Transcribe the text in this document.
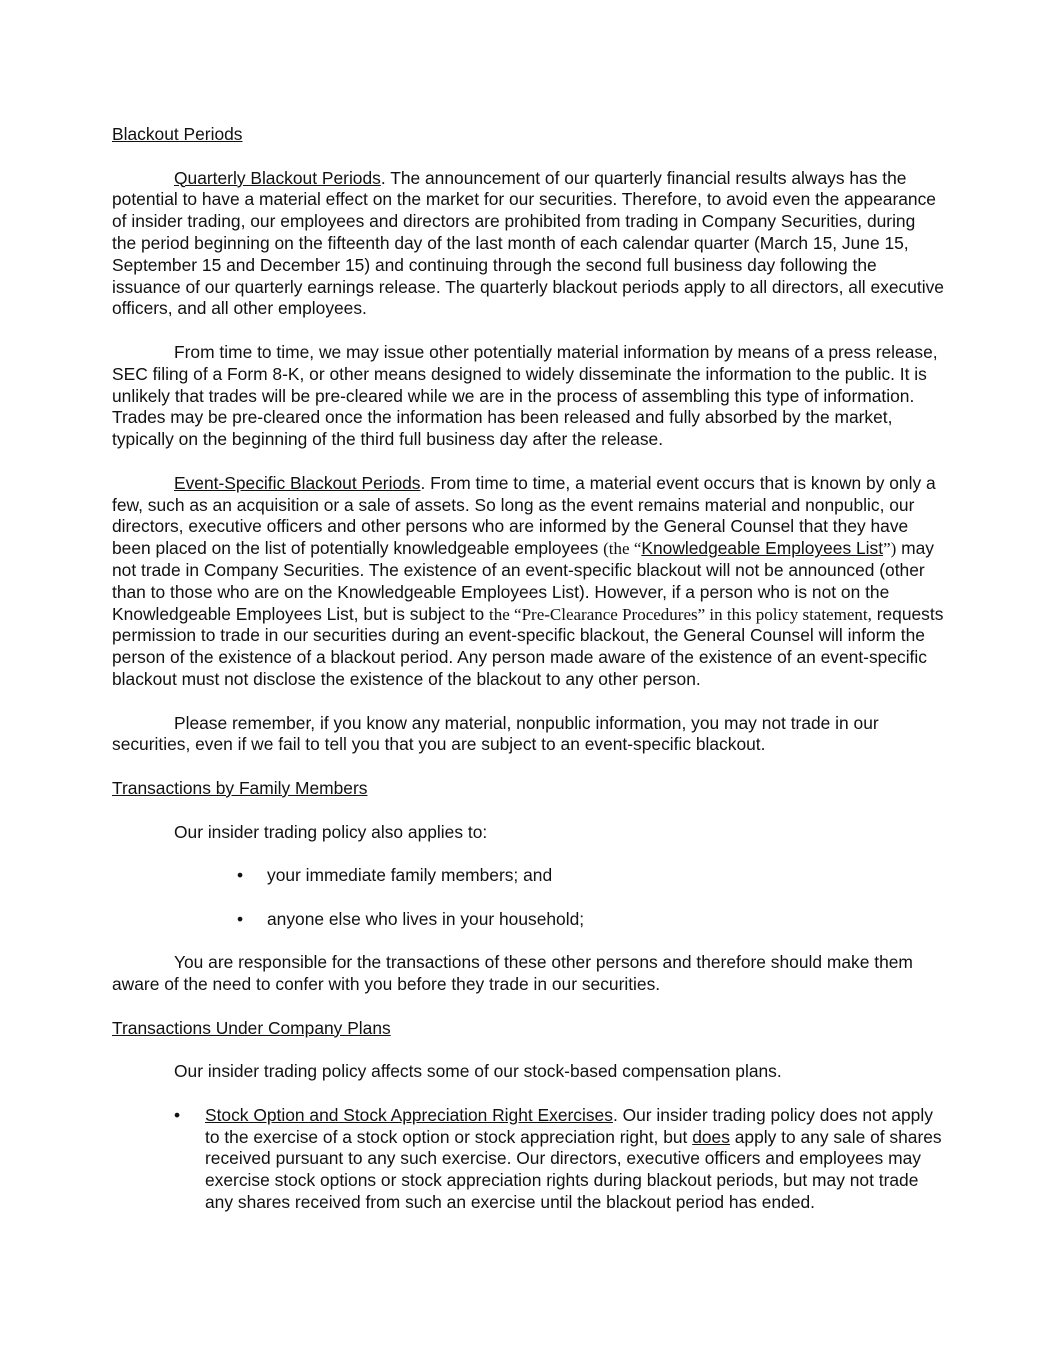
Blackout Periods

Quarterly Blackout Periods. The announcement of our quarterly financial results always has the potential to have a material effect on the market for our securities. Therefore, to avoid even the appearance of insider trading, our employees and directors are prohibited from trading in Company Securities, during the period beginning on the fifteenth day of the last month of each calendar quarter (March 15, June 15, September 15 and December 15) and continuing through the second full business day following the issuance of our quarterly earnings release. The quarterly blackout periods apply to all directors, all executive officers, and all other employees.

From time to time, we may issue other potentially material information by means of a press release, SEC filing of a Form 8-K, or other means designed to widely disseminate the information to the public. It is unlikely that trades will be pre-cleared while we are in the process of assembling this type of information. Trades may be pre-cleared once the information has been released and fully absorbed by the market, typically on the beginning of the third full business day after the release.

Event-Specific Blackout Periods. From time to time, a material event occurs that is known by only a few, such as an acquisition or a sale of assets. So long as the event remains material and nonpublic, our directors, executive officers and other persons who are informed by the General Counsel that they have been placed on the list of potentially knowledgeable employees (the “Knowledgeable Employees List”) may not trade in Company Securities. The existence of an event-specific blackout will not be announced (other than to those who are on the Knowledgeable Employees List). However, if a person who is not on the Knowledgeable Employees List, but is subject to the “Pre-Clearance Procedures” in this policy statement, requests permission to trade in our securities during an event-specific blackout, the General Counsel will inform the person of the existence of a blackout period. Any person made aware of the existence of an event-specific blackout must not disclose the existence of the blackout to any other person.

Please remember, if you know any material, nonpublic information, you may not trade in our securities, even if we fail to tell you that you are subject to an event-specific blackout.

Transactions by Family Members

Our insider trading policy also applies to:

• your immediate family members; and
• anyone else who lives in your household;

You are responsible for the transactions of these other persons and therefore should make them aware of the need to confer with you before they trade in our securities.

Transactions Under Company Plans

Our insider trading policy affects some of our stock-based compensation plans.

• Stock Option and Stock Appreciation Right Exercises. Our insider trading policy does not apply to the exercise of a stock option or stock appreciation right, but does apply to any sale of shares received pursuant to any such exercise. Our directors, executive officers and employees may exercise stock options or stock appreciation rights during blackout periods, but may not trade any shares received from such an exercise until the blackout period has ended.
